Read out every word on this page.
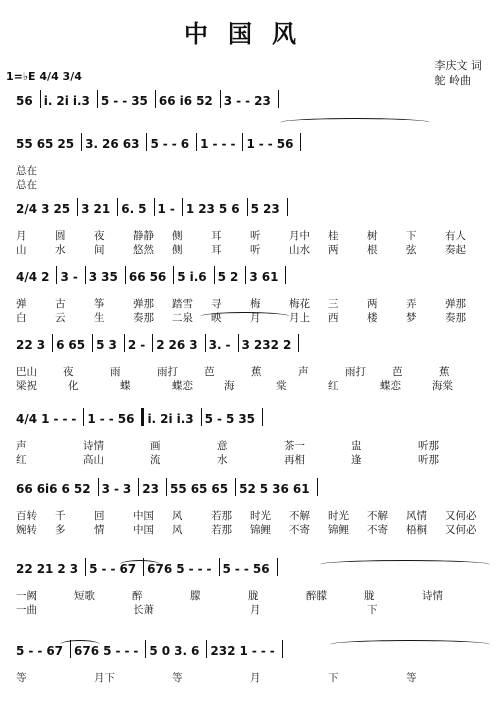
中国风
李庆文 词
鸵 岭曲
1=♭E 4/4 3/4
56 i. 2i i.3 5 - - 35 66 i6 52 3 - - 23
55 65 25 3. 26 63 5 - - 6 1 - - - 1 - - 56
总在
总在
2/4 3 25 3 21 6. 5 1 - 1 23 5 6 5 23
月	圆	夜	静静 侧	耳	听	月中 桂	树	下	有人
山	水	间	悠然 侧	耳	听	山水 两	根	弦	奏起
4/4 2 3 - 3 35 66 56 5 i.6 5 2 3 61
弹	古	筝	弹那 踏雪 寻	梅	梅花 三	两	弄	弹那
白	云	生	奏那 二泉 映	月	月上 西	楼	梦	奏那
22 3 6 65 5 3 2 - 2 26 3 3. - 3 232 2
巴山 夜	雨	雨打 芭	蕉	声	雨打 芭	蕉
梁祝	化	蝶	蝶恋	海	棠	红	蝶恋	海棠
4/4 1 - - - 1 - - 56 i. 2i i.3 5 - 5 35
声	诗情	画	意	茶一	盅	听那
红	高山	流	水	再相	逢	听那
66 6i6 6 52 3 - 3 23 55 65 65 52 5 36 61
百转 千	回	中国 风	若那 时光 不解 时光 不解 风情 又何必
婉转 多	情	中国 风	若那 锦鲤 不寄 锦鲤 不寄 梧桐 又何必
22 21 2 3 5 - - 67 676 5 - - - 5 - - 56
一阙	短歌	醉	朦	胧	醉朦	胧	诗情
一曲	长萧	月	下
5 - - 67 676 5 - - - 5 0 3. 6 232 1 - - -
等	月下	等	月	下	等
